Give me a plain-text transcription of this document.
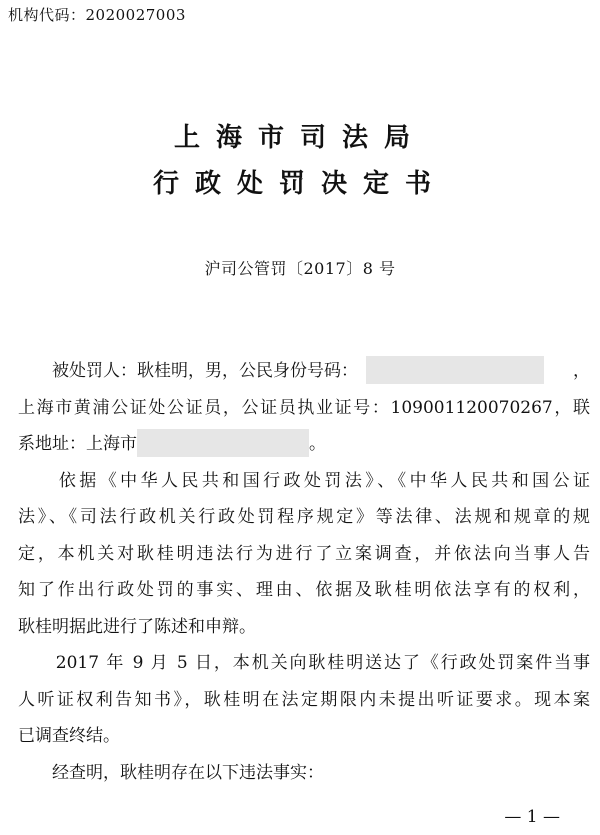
机构代码：2020027003
上海市司法局
行政处罚决定书
沪司公管罚〔2017〕8 号
　　被处罚人：耿桂明，男，公民身份号码：	，
上海市黄浦公证处公证员，公证员执业证号：109001120070267，联
系地址：上海市	。
　　依据《中华人民共和国行政处罚法》、《中华人民共和国公证
法》、《司法行政机关行政处罚程序规定》等法律、法规和规章的规
定，本机关对耿桂明违法行为进行了立案调查，并依法向当事人告
知了作出行政处罚的事实、理由、依据及耿桂明依法享有的权利，
耿桂明据此进行了陈述和申辩。
　　2017 年 9 月 5 日，本机关向耿桂明送达了《行政处罚案件当事
人听证权利告知书》，耿桂明在法定期限内未提出听证要求。现本案
已调查终结。
　　经查明，耿桂明存在以下违法事实：
— 1 —
